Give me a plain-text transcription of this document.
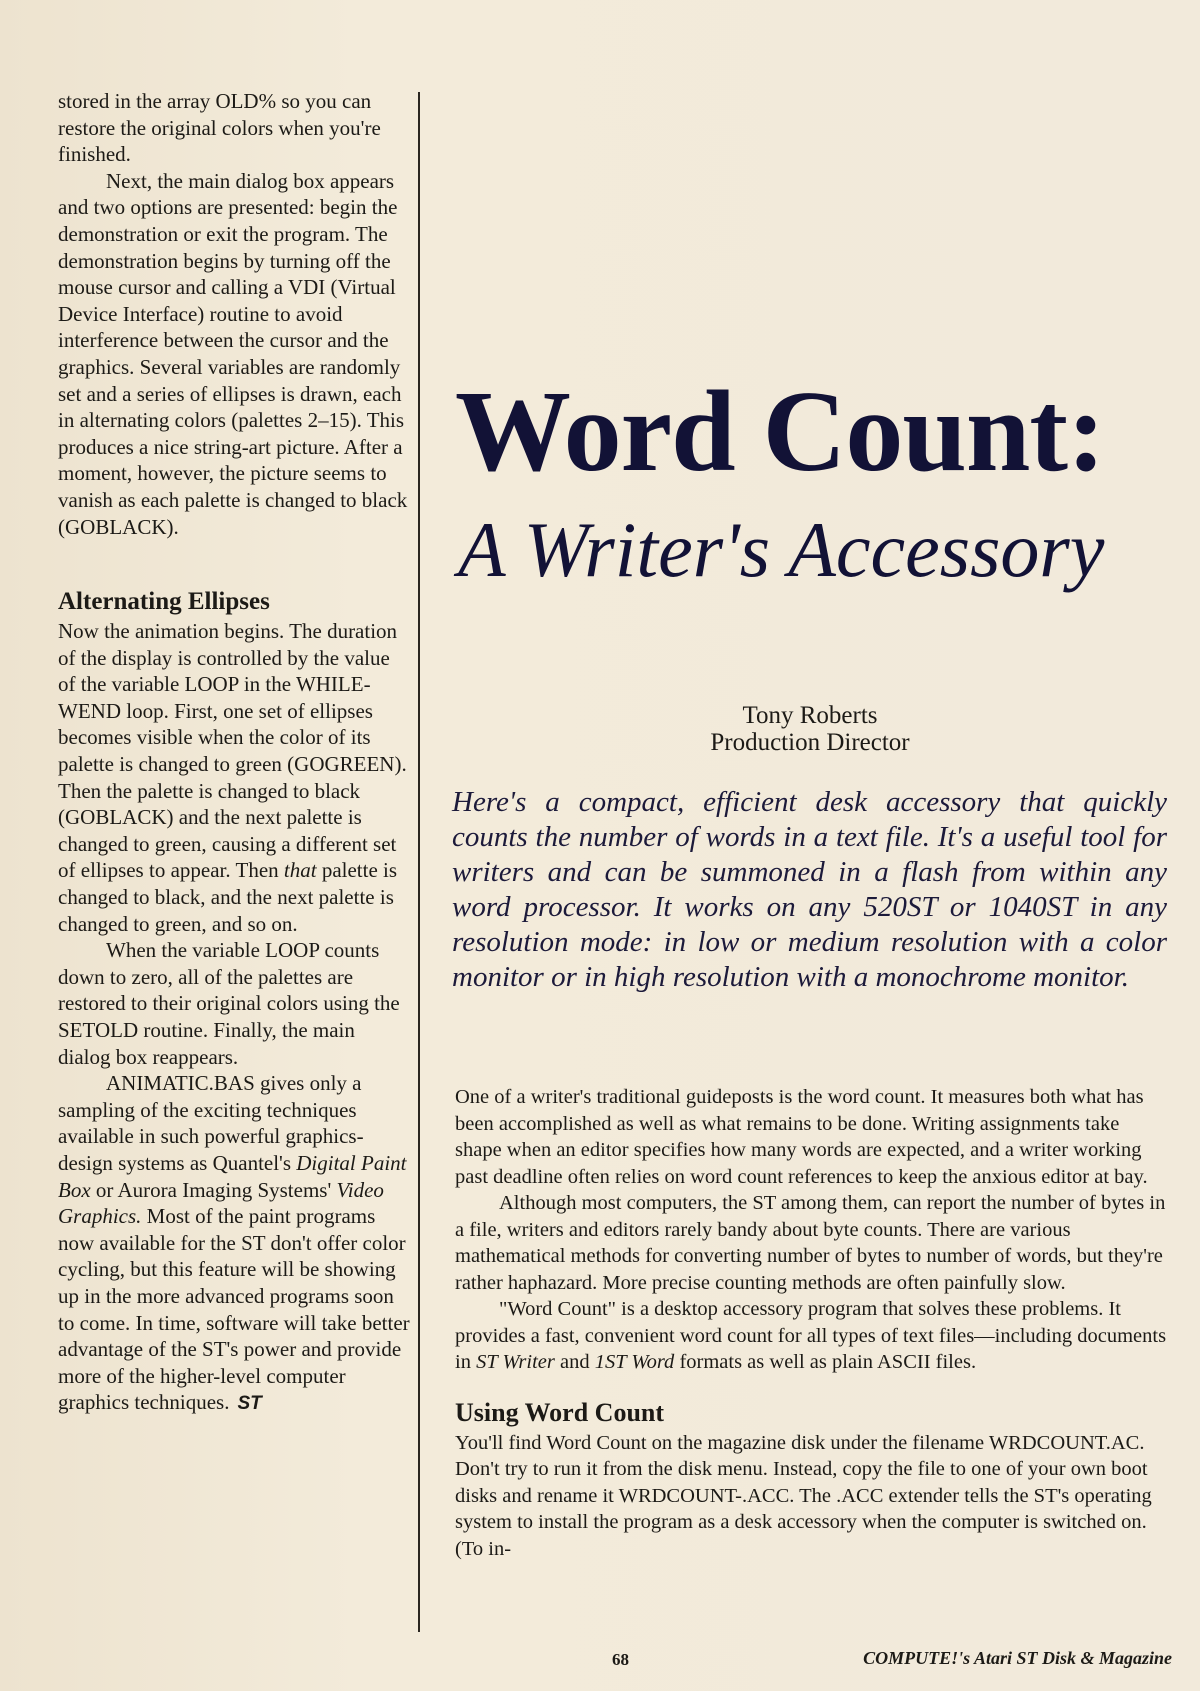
stored in the array OLD% so you can restore the original colors when you're finished.

Next, the main dialog box appears and two options are presented: begin the demonstration or exit the program. The demonstration begins by turning off the mouse cursor and calling a VDI (Virtual Device Interface) routine to avoid interference between the cursor and the graphics. Several variables are randomly set and a series of ellipses is drawn, each in alternating colors (palettes 2–15). This produces a nice string-art picture. After a moment, however, the picture seems to vanish as each palette is changed to black (GOBLACK).

Alternating Ellipses

Now the animation begins. The duration of the display is controlled by the value of the variable LOOP in the WHILE-WEND loop. First, one set of ellipses becomes visible when the color of its palette is changed to green (GOGREEN). Then the palette is changed to black (GOBLACK) and the next palette is changed to green, causing a different set of ellipses to appear. Then that palette is changed to black, and the next palette is changed to green, and so on.

When the variable LOOP counts down to zero, all of the palettes are restored to their original colors using the SETOLD routine. Finally, the main dialog box reappears.

ANIMATIC.BAS gives only a sampling of the exciting techniques available in such powerful graphics-design systems as Quantel's Digital Paint Box or Aurora Imaging Systems' Video Graphics. Most of the paint programs now available for the ST don't offer color cycling, but this feature will be showing up in the more advanced programs soon to come. In time, software will take better advantage of the ST's power and provide more of the higher-level computer graphics techniques. ST

Word Count:
A Writer's Accessory
Tony Roberts
Production Director
Here's a compact, efficient desk accessory that quickly counts the number of words in a text file. It's a useful tool for writers and can be summoned in a flash from within any word processor. It works on any 520ST or 1040ST in any resolution mode: in low or medium resolution with a color monitor or in high resolution with a monochrome monitor.

One of a writer's traditional guideposts is the word count. It measures both what has been accomplished as well as what remains to be done. Writing assignments take shape when an editor specifies how many words are expected, and a writer working past deadline often relies on word count references to keep the anxious editor at bay.

Although most computers, the ST among them, can report the number of bytes in a file, writers and editors rarely bandy about byte counts. There are various mathematical methods for converting number of bytes to number of words, but they're rather haphazard. More precise counting methods are often painfully slow.

"Word Count" is a desktop accessory program that solves these problems. It provides a fast, convenient word count for all types of text files—including documents in ST Writer and 1ST Word formats as well as plain ASCII files.

Using Word Count

You'll find Word Count on the magazine disk under the filename WRDCOUNT.AC. Don't try to run it from the disk menu. Instead, copy the file to one of your own boot disks and rename it WRDCOUNT-.ACC. The .ACC extender tells the ST's operating system to install the program as a desk accessory when the computer is switched on. (To in-

68	COMPUTE!'s Atari ST Disk & Magazine
